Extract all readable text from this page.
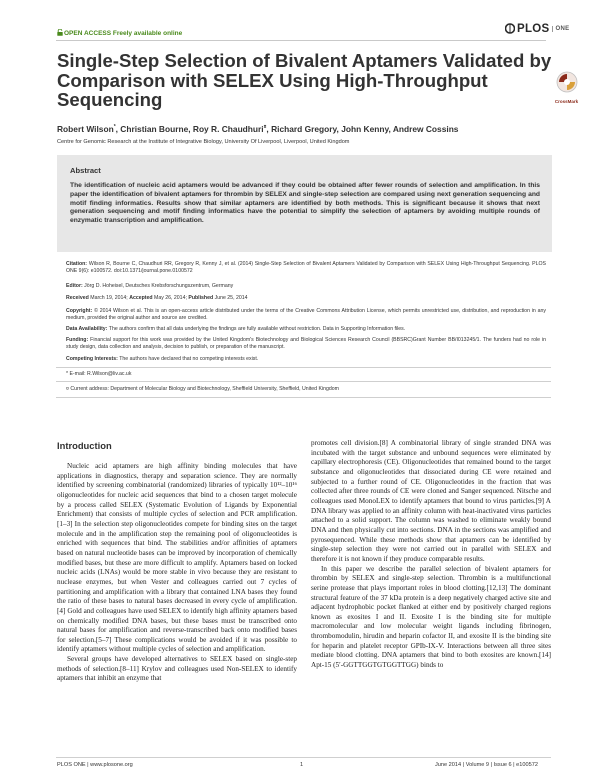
OPEN ACCESS Freely available online	PLOS ONE
Single-Step Selection of Bivalent Aptamers Validated by Comparison with SELEX Using High-Throughput Sequencing	CrossMark
Robert Wilson*, Christian Bourne, Roy R. Chaudhuri¤, Richard Gregory, John Kenny, Andrew Cossins
Centre for Genomic Research at the Institute of Integrative Biology, University Of Liverpool, Liverpool, United Kingdom
Abstract
The identification of nucleic acid aptamers would be advanced if they could be obtained after fewer rounds of selection and amplification. In this paper the identification of bivalent aptamers for thrombin by SELEX and single-step selection are compared using next generation sequencing and motif finding informatics. Results show that similar aptamers are identified by both methods. This is significant because it shows that next generation sequencing and motif finding informatics have the potential to simplify the selection of aptamers by avoiding multiple rounds of enzymatic transcription and amplification.
Citation: Wilson R, Bourne C, Chaudhuri RR, Gregory R, Kenny J, et al. (2014) Single-Step Selection of Bivalent Aptamers Validated by Comparison with SELEX Using High-Throughput Sequencing. PLOS ONE 9(6): e100572. doi:10.1371/journal.pone.0100572
Editor: Jörg D. Hoheisel, Deutsches Krebsforschungszentrum, Germany
Received March 19, 2014; Accepted May 26, 2014; Published June 25, 2014
Copyright: © 2014 Wilson et al. This is an open-access article distributed under the terms of the Creative Commons Attribution License, which permits unrestricted use, distribution, and reproduction in any medium, provided the original author and source are credited.
Data Availability: The authors confirm that all data underlying the findings are fully available without restriction. Data in Supporting Information files.
Funding: Financial support for this work was provided by the United Kingdom's Biotechnology and Biological Sciences Research Council (BBSRC)Grant Number BB/I013245/1. The funders had no role in study design, data collection and analysis, decision to publish, or preparation of the manuscript.
Competing Interests: The authors have declared that no competing interests exist.
* E-mail: R.Wilson@liv.ac.uk
¤ Current address: Department of Molecular Biology and Biotechnology, Sheffield University, Sheffield, United Kingdom
Introduction

Nucleic acid aptamers are high affinity binding molecules that have applications in diagnostics, therapy and separation science. They are normally identified by screening combinatorial (randomized) libraries of typically 10¹²–10¹⁶ oligonucleotides for nucleic acid sequences that bind to a chosen target molecule by a process called SELEX (Systematic Evolution of Ligands by Exponential Enrichment) that consists of multiple cycles of selection and PCR amplification.[1–3] In the selection step oligonucleotides compete for binding sites on the target molecule and in the amplification step the remaining pool of oligonucleotides is enriched with sequences that bind. The stabilities and/or affinities of aptamers based on natural nucleotide bases can be improved by incorporation of chemically modified bases, but these are more difficult to amplify. Aptamers based on locked nucleic acids (LNAs) would be more stable in vivo because they are resistant to nuclease enzymes, but when Vester and colleagues carried out 7 cycles of partitioning and amplification with a library that contained LNA bases they found the ratio of these bases to natural bases decreased in every cycle of amplification.[4] Gold and colleagues have used SELEX to identify high affinity aptamers based on chemically modified DNA bases, but these bases must be transcribed onto natural bases for amplification and reverse-transcribed back onto modified bases for selection.[5–7] These complications would be avoided if it was possible to identify aptamers without multiple cycles of selection and amplification.

Several groups have developed alternatives to SELEX based on single-step methods of selection.[8–11] Krylov and colleagues used Non-SELEX to identify aptamers that inhibit an enzyme that

promotes cell division.[8] A combinatorial library of single stranded DNA was incubated with the target substance and unbound sequences were eliminated by capillary electrophoresis (CE). Oligonucleotides that remained bound to the target substance and oligonucleotides that dissociated during CE were retained and subjected to a further round of CE. Oligonucleotides in the fraction that was collected after three rounds of CE were cloned and Sanger sequenced. Nitsche and colleagues used MonoLEX to identify aptamers that bound to virus particles.[9] A DNA library was applied to an affinity column with heat-inactivated virus particles attached to a solid support. The column was washed to eliminate weakly bound DNA and then physically cut into sections. DNA in the sections was amplified and pyrosequenced. While these methods show that aptamers can be identified by single-step selection they were not carried out in parallel with SELEX and therefore it is not known if they produce comparable results.

In this paper we describe the parallel selection of bivalent aptamers for thrombin by SELEX and single-step selection. Thrombin is a multifunctional serine protease that plays important roles in blood clotting.[12,13] The dominant structural feature of the 37 kDa protein is a deep negatively charged active site and adjacent hydrophobic pocket flanked at either end by positively charged regions known as exosites I and II. Exosite I is the binding site for multiple macromolecular and low molecular weight ligands including fibrinogen, thrombomodulin, hirudin and heparin cofactor II, and exosite II is the binding site for heparin and platelet receptor GPIb-IX-V. Interactions between all three sites mediate blood clotting. DNA aptamers that bind to both exosites are known.[14] Apt-15 (5′-GGTTGGTGTGGTTGG) binds to

PLOS ONE | www.plosone.org	1	June 2014 | Volume 9 | Issue 6 | e100572
